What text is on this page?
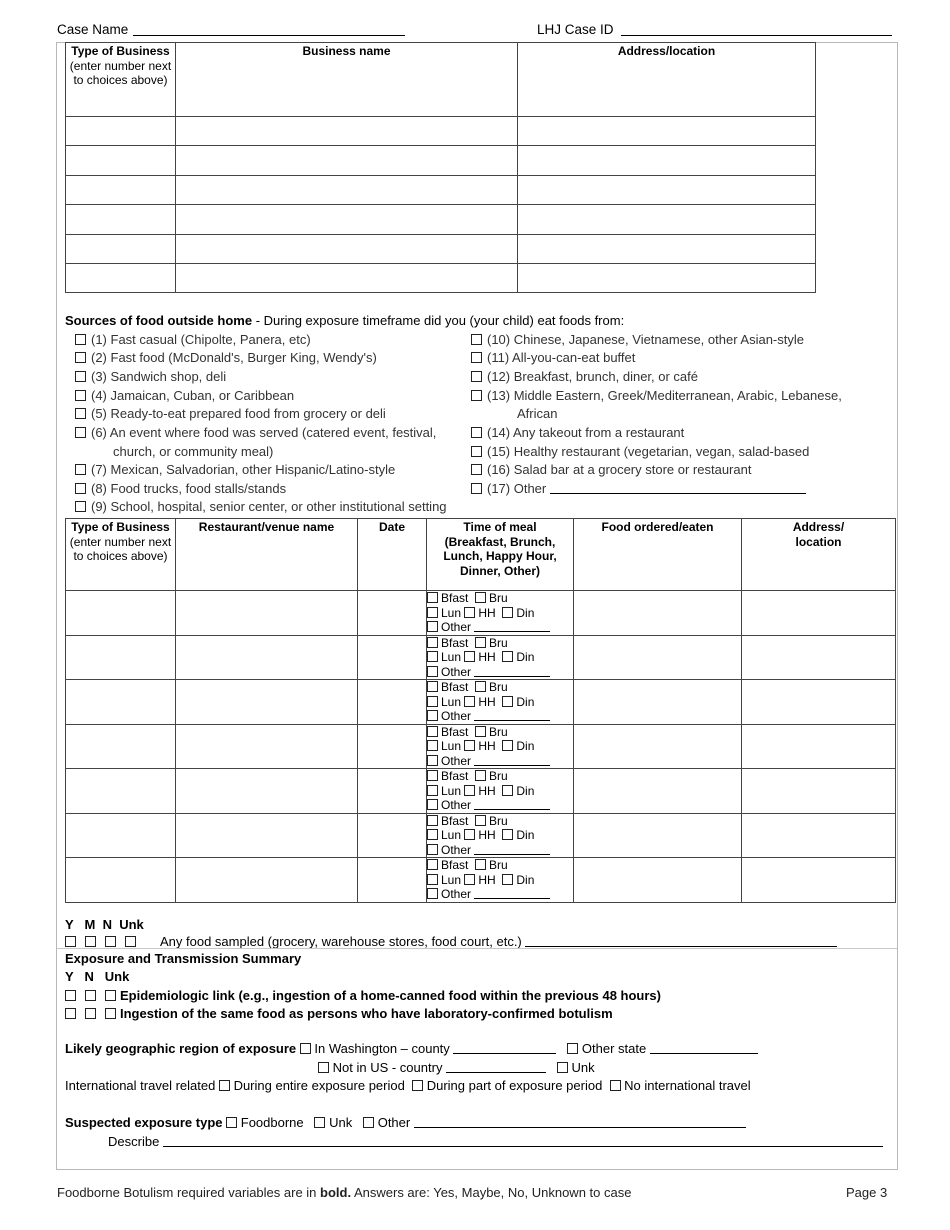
Case Name	LHJ Case ID
Type of Business
(enter number next to choices above)	Business name	Address/location

Sources of food outside home - During exposure timeframe did you (your child) eat foods from:
(1) Fast casual (Chipolte, Panera, etc)
(2) Fast food (McDonald's, Burger King, Wendy's)
(3) Sandwich shop, deli
(4) Jamaican, Cuban, or Caribbean
(5) Ready-to-eat prepared food from grocery or deli
(6) An event where food was served (catered event, festival,
church, or community meal)
(7) Mexican, Salvadorian, other Hispanic/Latino-style
(8) Food trucks, food stalls/stands
(9) School, hospital, senior center, or other institutional setting
(10) Chinese, Japanese, Vietnamese, other Asian-style
(11) All-you-can-eat buffet
(12) Breakfast, brunch, diner, or café
(13) Middle Eastern, Greek/Mediterranean, Arabic, Lebanese,
African
(14) Any takeout from a restaurant
(15) Healthy restaurant (vegetarian, vegan, salad-based
(16) Salad bar at a grocery store or restaurant
(17) Other
Type of Business
(enter number next to choices above)	Restaurant/venue name	Date	Time of meal (Breakfast, Brunch, Lunch, Happy Hour, Dinner, Other)	Food ordered/eaten	Address/ location
			Bfast Bru
Lun HH Din
Other		
			Bfast Bru
Lun HH Din
Other		
			Bfast Bru
Lun HH Din
Other		
			Bfast Bru
Lun HH Din
Other		
			Bfast Bru
Lun HH Din
Other		
			Bfast Bru
Lun HH Din
Other		
			Bfast Bru
Lun HH Din
Other		
Y M N Unk
Any food sampled (grocery, warehouse stores, food court, etc.)
Exposure and Transmission Summary
Y N Unk
Epidemiologic link (e.g., ingestion of a home-canned food within the previous 48 hours)
Ingestion of the same food as persons who have laboratory-confirmed botulism
Likely geographic region of exposure In Washington – county	Other state
Not in US - country	Unk
International travel related During entire exposure period During part of exposure period No international travel
Suspected exposure type Foodborne Unk Other
Describe
Foodborne Botulism required variables are in bold. Answers are: Yes, Maybe, No, Unknown to case	Page 3
